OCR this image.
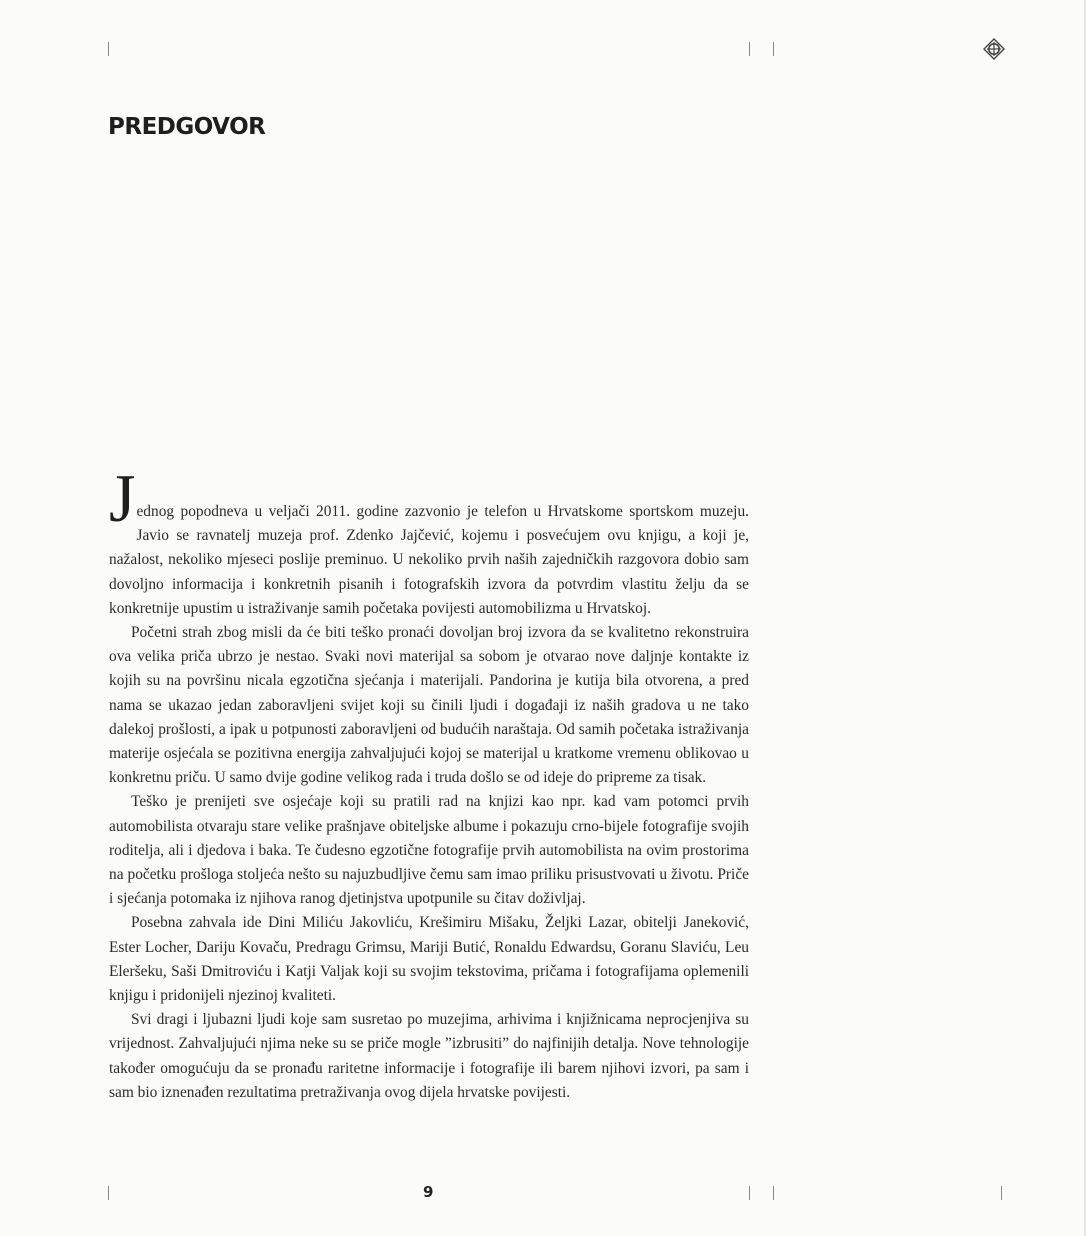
PREDGOVOR

Jednog popodneva u veljači 2011. godine zazvonio je telefon u Hrvatskome sportskom muzeju. Javio se ravnatelj muzeja prof. Zdenko Jajčević, kojemu i posvećujem ovu knjigu, a koji je, nažalost, nekoliko mjeseci poslije preminuo. U nekoliko prvih naših zajedničkih razgovora dobio sam dovoljno informacija i konkretnih pisanih i fotografskih izvora da potvrdim vlastitu želju da se konkretnije upustim u istraživanje samih početaka povijesti automobilizma u Hrvatskoj.

Početni strah zbog misli da će biti teško pronaći dovoljan broj izvora da se kvalitetno rekonstruira ova velika priča ubrzo je nestao. Svaki novi materijal sa sobom je otvarao nove daljnje kontakte iz kojih su na površinu nicala egzotična sjećanja i materijali. Pandorina je kutija bila otvorena, a pred nama se ukazao jedan zaboravljeni svijet koji su činili ljudi i događaji iz naših gradova u ne tako dalekoj prošlosti, a ipak u potpunosti zaboravljeni od budućih naraštaja. Od samih početaka istraživanja materije osjećala se pozitivna energija zahvaljujući kojoj se materijal u kratkome vremenu oblikovao u konkretnu priču. U samo dvije godine velikog rada i truda došlo se od ideje do pripreme za tisak.

Teško je prenijeti sve osjećaje koji su pratili rad na knjizi kao npr. kad vam potomci prvih automobilista otvaraju stare velike prašnjave obiteljske albume i pokazuju crno-bijele fotografije svojih roditelja, ali i djedova i baka. Te čudesno egzotične fotografije prvih automobilista na ovim prostorima na početku prošloga stoljeća nešto su najuzbudljive čemu sam imao priliku prisustvovati u životu. Priče i sjećanja potomaka iz njihova ranog djetinjstva upotpunile su čitav doživljaj.

Posebna zahvala ide Dini Miliću Jakovliću, Krešimiru Mišaku, Željki Lazar, obitelji Janeković, Ester Locher, Dariju Kovaču, Predragu Grimsu, Mariji Butić, Ronaldu Edwardsu, Goranu Slaviću, Leu Eleršeku, Saši Dmitroviću i Katji Valjak koji su svojim tekstovima, pričama i fotografijama oplemenili knjigu i pridonijeli njezinoj kvaliteti.

Svi dragi i ljubazni ljudi koje sam susretao po muzejima, arhivima i knjižnicama neprocjenjiva su vrijednost. Zahvaljujući njima neke su se priče mogle ”izbrusiti” do najfinijih detalja. Nove tehnologije također omogućuju da se pronađu raritetne informacije i fotografije ili barem njihovi izvori, pa sam i sam bio iznenađen rezultatima pretraživanja ovog dijela hrvatske povijesti.

9
